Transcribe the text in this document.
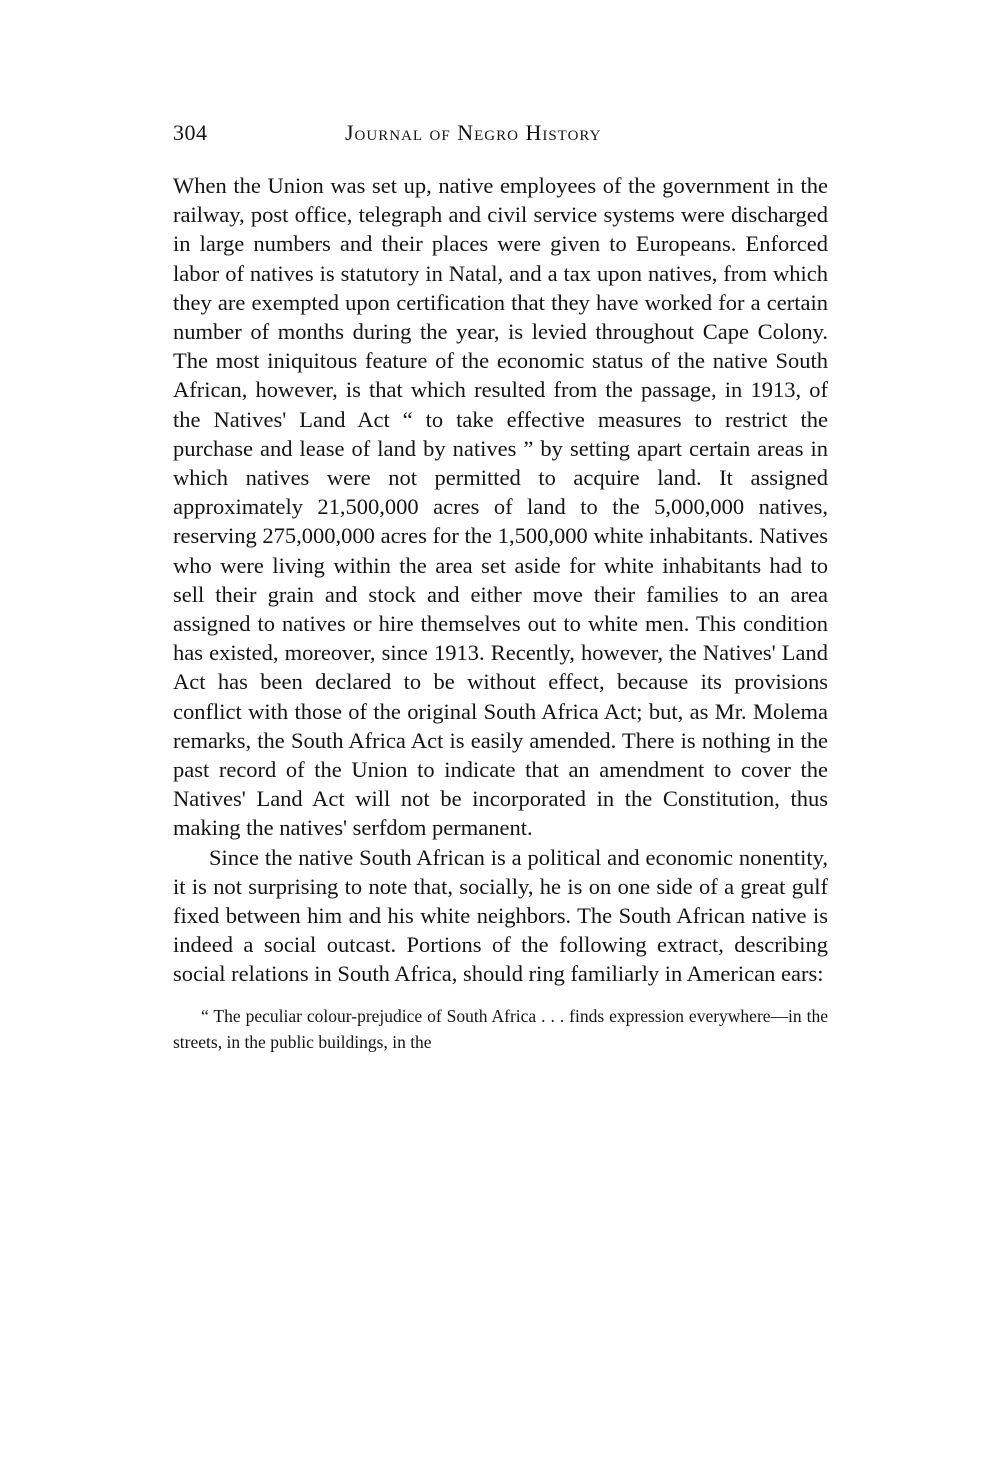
304	Journal of Negro History

When the Union was set up, native employees of the government in the railway, post office, telegraph and civil service systems were discharged in large numbers and their places were given to Europeans. Enforced labor of natives is statutory in Natal, and a tax upon natives, from which they are exempted upon certification that they have worked for a certain number of months during the year, is levied throughout Cape Colony. The most iniquitous feature of the economic status of the native South African, however, is that which resulted from the passage, in 1913, of the Natives' Land Act “ to take effective measures to restrict the purchase and lease of land by natives ” by setting apart certain areas in which natives were not permitted to acquire land. It assigned approximately 21,500,000 acres of land to the 5,000,000 natives, reserving 275,000,000 acres for the 1,500,000 white inhabitants. Natives who were living within the area set aside for white inhabitants had to sell their grain and stock and either move their families to an area assigned to natives or hire themselves out to white men. This condition has existed, moreover, since 1913. Recently, however, the Natives' Land Act has been declared to be without effect, because its provisions conflict with those of the original South Africa Act; but, as Mr. Molema remarks, the South Africa Act is easily amended. There is nothing in the past record of the Union to indicate that an amendment to cover the Natives' Land Act will not be incorporated in the Constitution, thus making the natives' serfdom permanent.

Since the native South African is a political and economic nonentity, it is not surprising to note that, socially, he is on one side of a great gulf fixed between him and his white neighbors. The South African native is indeed a social outcast. Portions of the following extract, describing social relations in South Africa, should ring familiarly in American ears:

“ The peculiar colour-prejudice of South Africa . . . finds expression everywhere—in the streets, in the public buildings, in the
